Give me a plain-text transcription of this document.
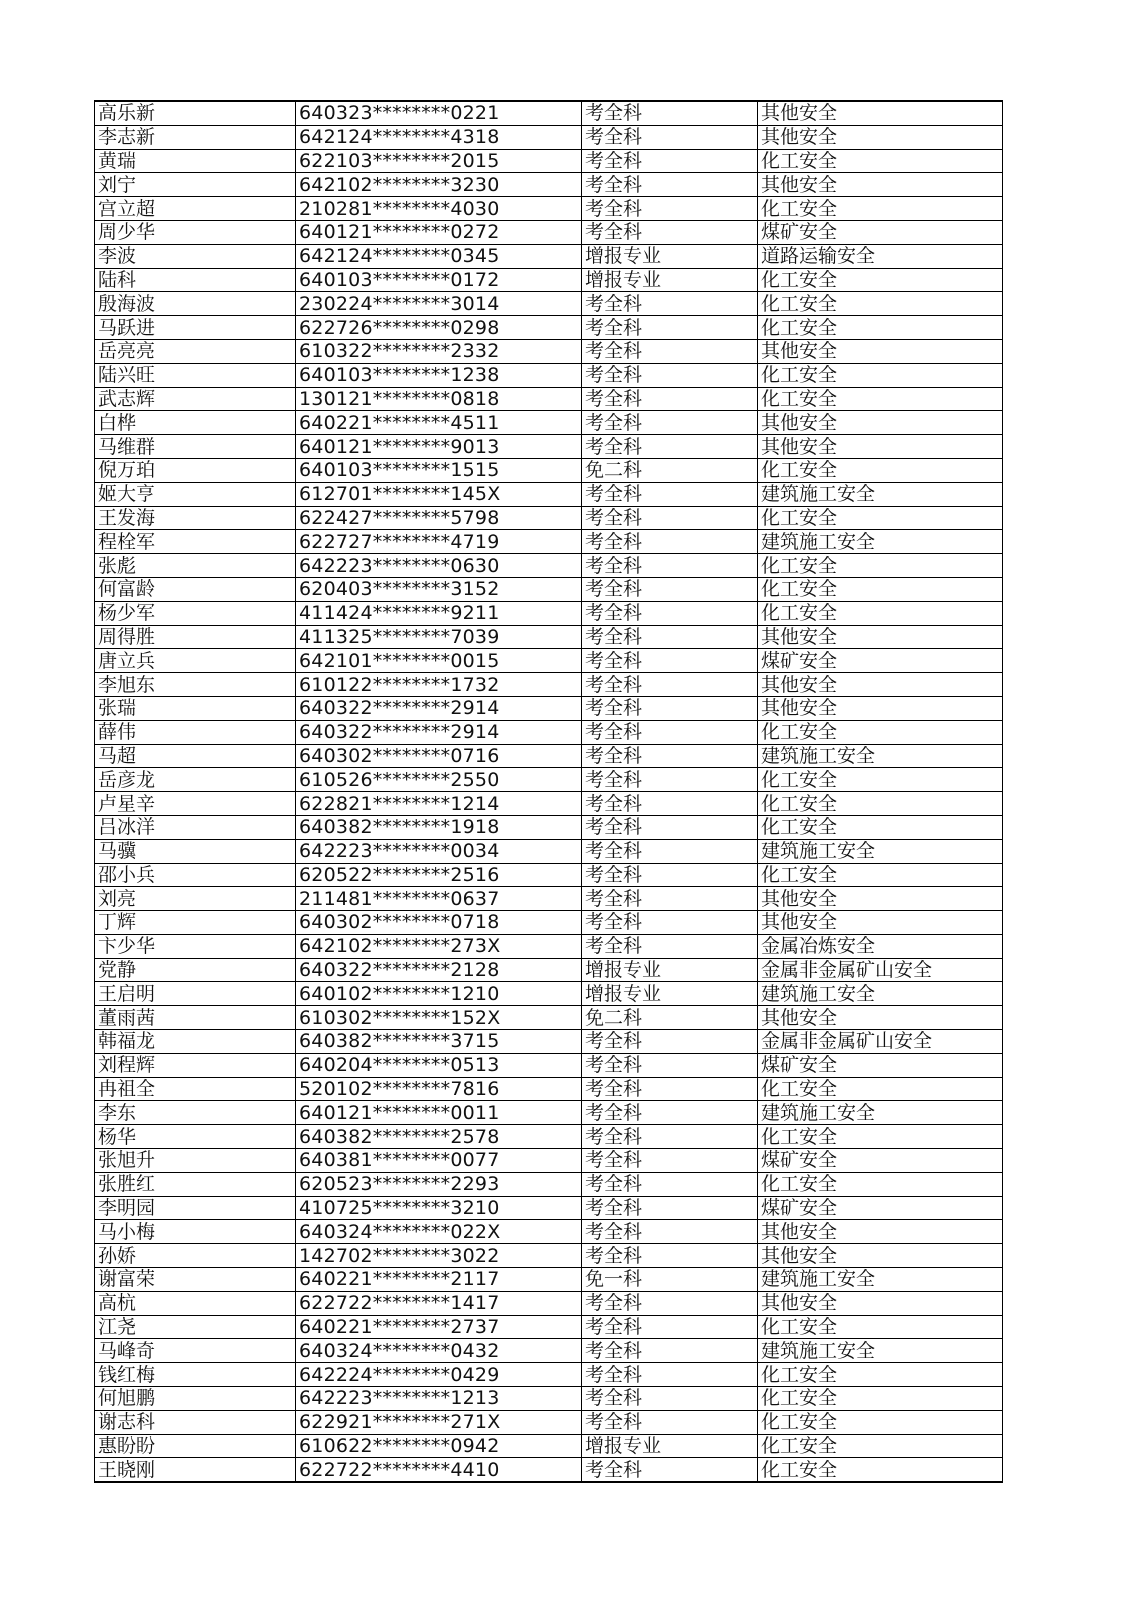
高乐新	640323********0221	考全科	其他安全
李志新	642124********4318	考全科	其他安全
黄瑞	622103********2015	考全科	化工安全
刘宁	642102********3230	考全科	其他安全
宫立超	210281********4030	考全科	化工安全
周少华	640121********0272	考全科	煤矿安全
李波	642124********0345	增报专业	道路运输安全
陆科	640103********0172	增报专业	化工安全
殷海波	230224********3014	考全科	化工安全
马跃进	622726********0298	考全科	化工安全
岳亮亮	610322********2332	考全科	其他安全
陆兴旺	640103********1238	考全科	化工安全
武志辉	130121********0818	考全科	化工安全
白桦	640221********4511	考全科	其他安全
马维群	640121********9013	考全科	其他安全
倪万珀	640103********1515	免二科	化工安全
姬大亨	612701********145X	考全科	建筑施工安全
王发海	622427********5798	考全科	化工安全
程栓军	622727********4719	考全科	建筑施工安全
张彪	642223********0630	考全科	化工安全
何富龄	620403********3152	考全科	化工安全
杨少军	411424********9211	考全科	化工安全
周得胜	411325********7039	考全科	其他安全
唐立兵	642101********0015	考全科	煤矿安全
李旭东	610122********1732	考全科	其他安全
张瑞	640322********2914	考全科	其他安全
薛伟	640322********2914	考全科	化工安全
马超	640302********0716	考全科	建筑施工安全
岳彦龙	610526********2550	考全科	化工安全
卢星辛	622821********1214	考全科	化工安全
吕冰洋	640382********1918	考全科	化工安全
马骥	642223********0034	考全科	建筑施工安全
邵小兵	620522********2516	考全科	化工安全
刘亮	211481********0637	考全科	其他安全
丁辉	640302********0718	考全科	其他安全
卞少华	642102********273X	考全科	金属冶炼安全
党静	640322********2128	增报专业	金属非金属矿山安全
王启明	640102********1210	增报专业	建筑施工安全
董雨茜	610302********152X	免二科	其他安全
韩福龙	640382********3715	考全科	金属非金属矿山安全
刘程辉	640204********0513	考全科	煤矿安全
冉祖全	520102********7816	考全科	化工安全
李东	640121********0011	考全科	建筑施工安全
杨华	640382********2578	考全科	化工安全
张旭升	640381********0077	考全科	煤矿安全
张胜红	620523********2293	考全科	化工安全
李明园	410725********3210	考全科	煤矿安全
马小梅	640324********022X	考全科	其他安全
孙娇	142702********3022	考全科	其他安全
谢富荣	640221********2117	免一科	建筑施工安全
高杭	622722********1417	考全科	其他安全
江尧	640221********2737	考全科	化工安全
马峰奇	640324********0432	考全科	建筑施工安全
钱红梅	642224********0429	考全科	化工安全
何旭鹏	642223********1213	考全科	化工安全
谢志科	622921********271X	考全科	化工安全
惠盼盼	610622********0942	增报专业	化工安全
王晓刚	622722********4410	考全科	化工安全
